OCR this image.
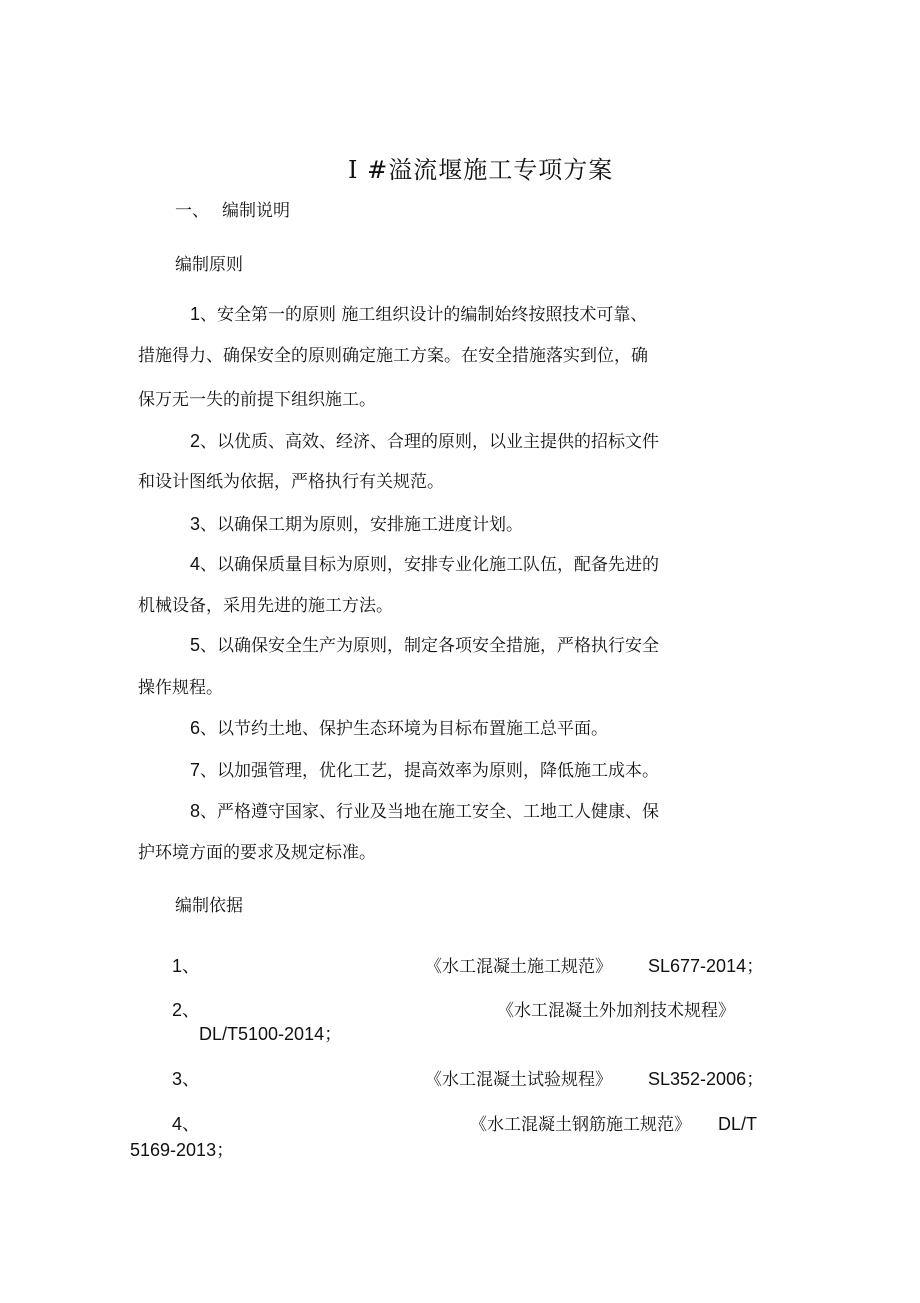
I #溢流堰施工专项方案
一、 编制说明
编制原则
1、安全第一的原则 施工组织设计的编制始终按照技术可靠、
措施得力、确保安全的原则确定施工方案。在安全措施落实到位，确
保万无一失的前提下组织施工。
2、以优质、高效、经济、合理的原则，以业主提供的招标文件
和设计图纸为依据，严格执行有关规范。
3、以确保工期为原则，安排施工进度计划。
4、以确保质量目标为原则，安排专业化施工队伍，配备先进的
机械设备，采用先进的施工方法。
5、以确保安全生产为原则，制定各项安全措施，严格执行安全
操作规程。
6、以节约土地、保护生态环境为目标布置施工总平面。
7、以加强管理，优化工艺，提高效率为原则，降低施工成本。
8、严格遵守国家、行业及当地在施工安全、工地工人健康、保
护环境方面的要求及规定标准。
编制依据
1、	《水工混凝土施工规范》 SL677-2014；
2、	《水工混凝土外加剂技术规程》
DL/T5100-2014；
3、	《水工混凝土试验规程》 SL352-2006；
4、	《水工混凝土钢筋施工规范》 DL/T
5169-2013；
